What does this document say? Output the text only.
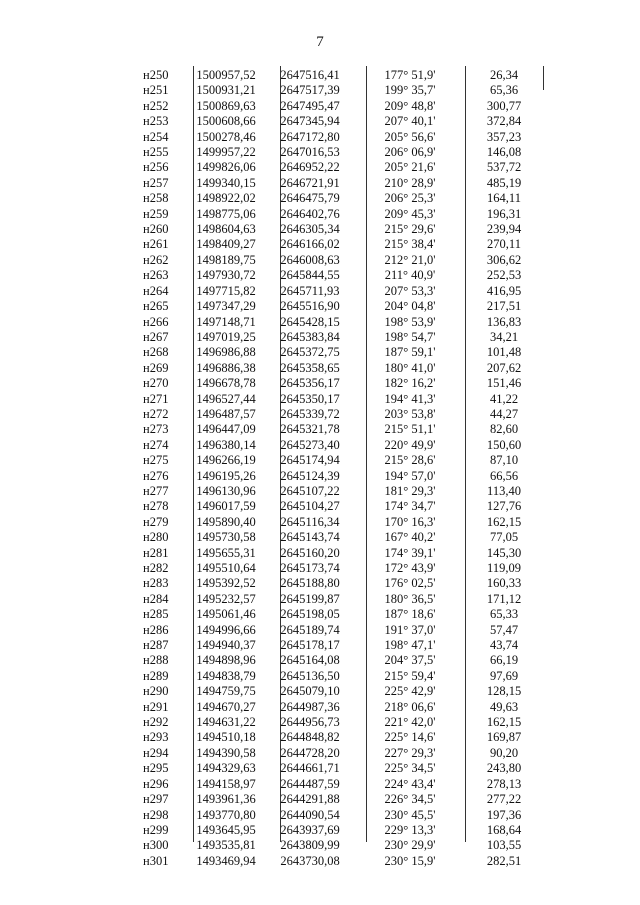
7
н250	1500957,52	2647516,41	177° 51,9'	26,34
н251	1500931,21	2647517,39	199° 35,7'	65,36
н252	1500869,63	2647495,47	209° 48,8'	300,77
н253	1500608,66	2647345,94	207° 40,1'	372,84
н254	1500278,46	2647172,80	205° 56,6'	357,23
н255	1499957,22	2647016,53	206° 06,9'	146,08
н256	1499826,06	2646952,22	205° 21,6'	537,72
н257	1499340,15	2646721,91	210° 28,9'	485,19
н258	1498922,02	2646475,79	206° 25,3'	164,11
н259	1498775,06	2646402,76	209° 45,3'	196,31
н260	1498604,63	2646305,34	215° 29,6'	239,94
н261	1498409,27	2646166,02	215° 38,4'	270,11
н262	1498189,75	2646008,63	212° 21,0'	306,62
н263	1497930,72	2645844,55	211° 40,9'	252,53
н264	1497715,82	2645711,93	207° 53,3'	416,95
н265	1497347,29	2645516,90	204° 04,8'	217,51
н266	1497148,71	2645428,15	198° 53,9'	136,83
н267	1497019,25	2645383,84	198° 54,7'	34,21
н268	1496986,88	2645372,75	187° 59,1'	101,48
н269	1496886,38	2645358,65	180° 41,0'	207,62
н270	1496678,78	2645356,17	182° 16,2'	151,46
н271	1496527,44	2645350,17	194° 41,3'	41,22
н272	1496487,57	2645339,72	203° 53,8'	44,27
н273	1496447,09	2645321,78	215° 51,1'	82,60
н274	1496380,14	2645273,40	220° 49,9'	150,60
н275	1496266,19	2645174,94	215° 28,6'	87,10
н276	1496195,26	2645124,39	194° 57,0'	66,56
н277	1496130,96	2645107,22	181° 29,3'	113,40
н278	1496017,59	2645104,27	174° 34,7'	127,76
н279	1495890,40	2645116,34	170° 16,3'	162,15
н280	1495730,58	2645143,74	167° 40,2'	77,05
н281	1495655,31	2645160,20	174° 39,1'	145,30
н282	1495510,64	2645173,74	172° 43,9'	119,09
н283	1495392,52	2645188,80	176° 02,5'	160,33
н284	1495232,57	2645199,87	180° 36,5'	171,12
н285	1495061,46	2645198,05	187° 18,6'	65,33
н286	1494996,66	2645189,74	191° 37,0'	57,47
н287	1494940,37	2645178,17	198° 47,1'	43,74
н288	1494898,96	2645164,08	204° 37,5'	66,19
н289	1494838,79	2645136,50	215° 59,4'	97,69
н290	1494759,75	2645079,10	225° 42,9'	128,15
н291	1494670,27	2644987,36	218° 06,6'	49,63
н292	1494631,22	2644956,73	221° 42,0'	162,15
н293	1494510,18	2644848,82	225° 14,6'	169,87
н294	1494390,58	2644728,20	227° 29,3'	90,20
н295	1494329,63	2644661,71	225° 34,5'	243,80
н296	1494158,97	2644487,59	224° 43,4'	278,13
н297	1493961,36	2644291,88	226° 34,5'	277,22
н298	1493770,80	2644090,54	230° 45,5'	197,36
н299	1493645,95	2643937,69	229° 13,3'	168,64
н300	1493535,81	2643809,99	230° 29,9'	103,55
н301	1493469,94	2643730,08	230° 15,9'	282,51
